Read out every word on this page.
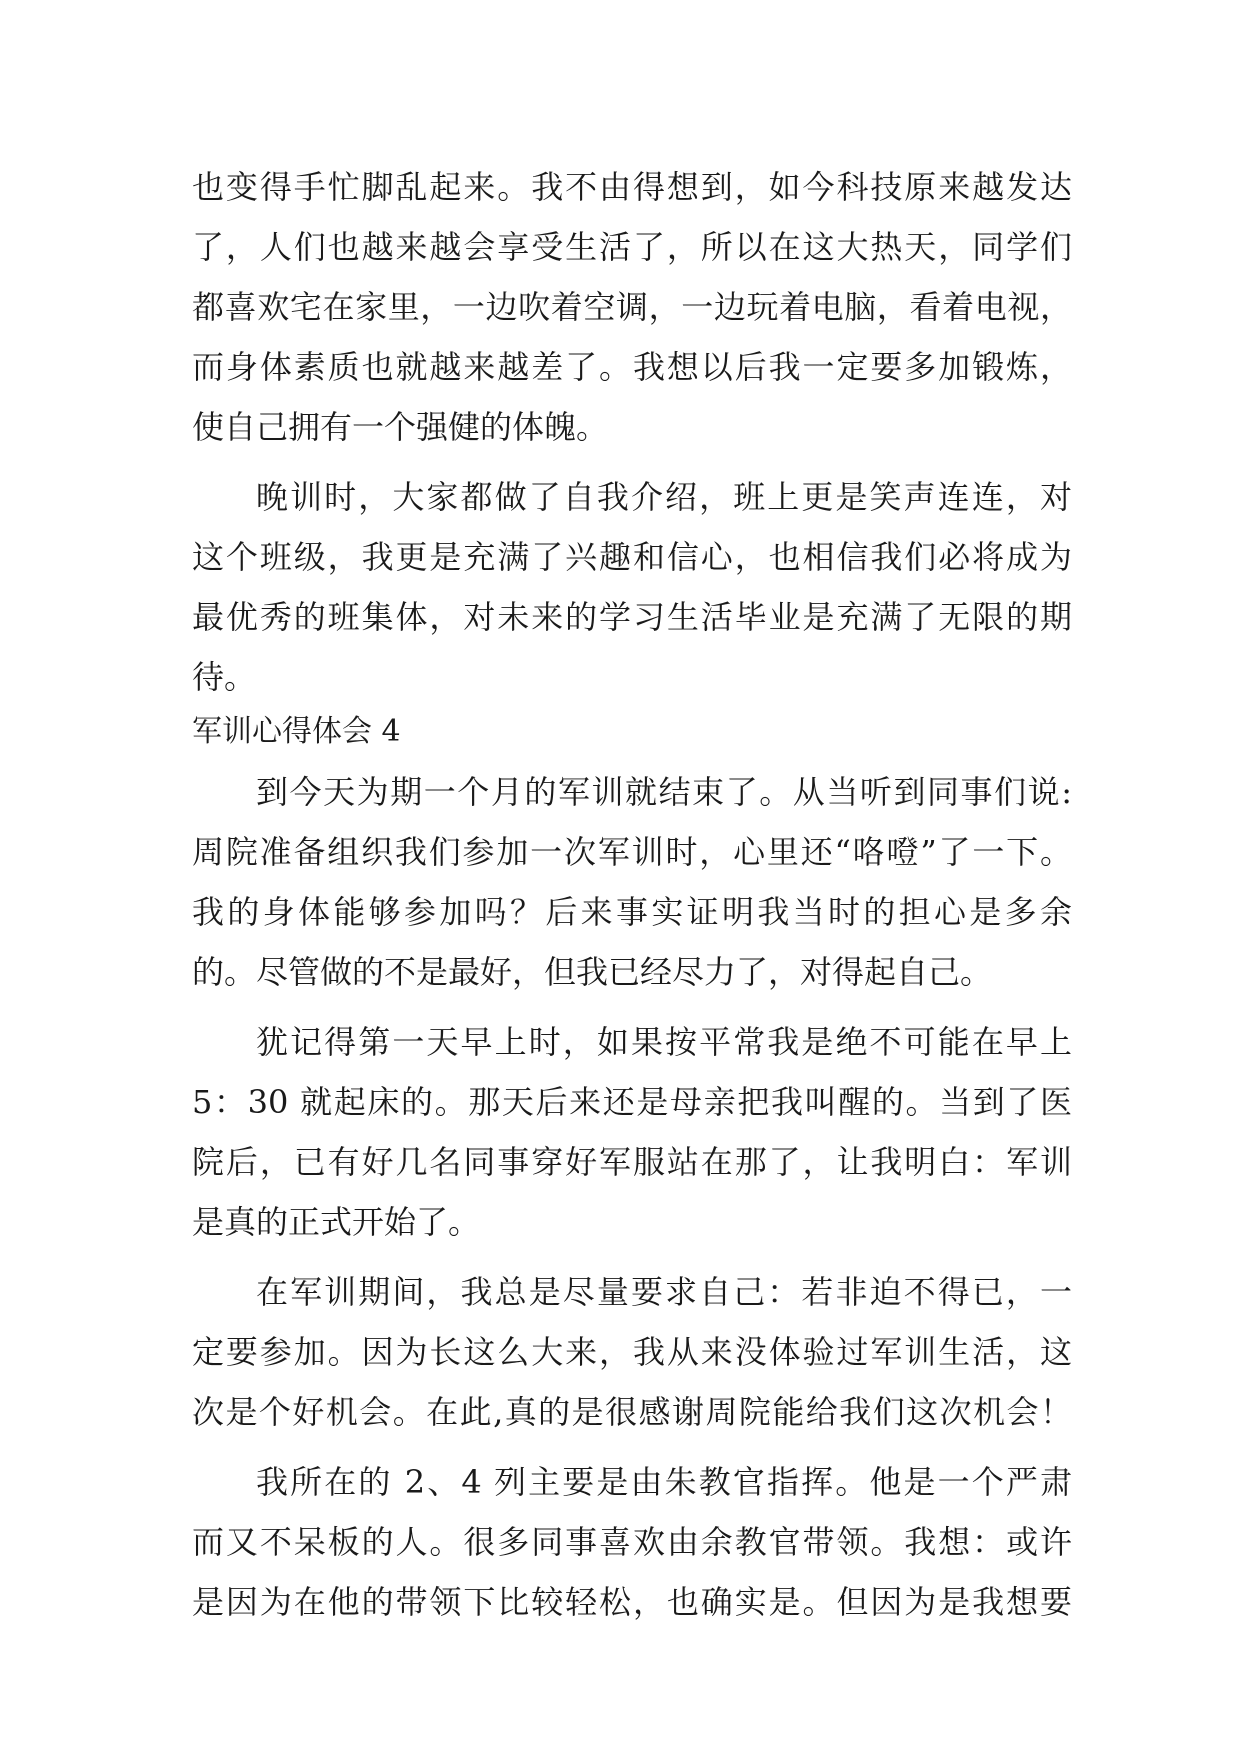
也变得手忙脚乱起来。我不由得想到，如今科技原来越发达
了，人们也越来越会享受生活了，所以在这大热天，同学们
都喜欢宅在家里，一边吹着空调，一边玩着电脑，看着电视，
而身体素质也就越来越差了。我想以后我一定要多加锻炼，
使自己拥有一个强健的体魄。
晚训时，大家都做了自我介绍，班上更是笑声连连，对
这个班级，我更是充满了兴趣和信心，也相信我们必将成为
最优秀的班集体，对未来的学习生活毕业是充满了无限的期
待。
军训心得体会 4
到今天为期一个月的军训就结束了。从当听到同事们说:
周院准备组织我们参加一次军训时，心里还“咯噔”了一下。
我的身体能够参加吗？后来事实证明我当时的担心是多余
的。尽管做的不是最好，但我已经尽力了，对得起自己。
犹记得第一天早上时，如果按平常我是绝不可能在早上
5：30 就起床的。那天后来还是母亲把我叫醒的。当到了医
院后，已有好几名同事穿好军服站在那了，让我明白：军训
是真的正式开始了。
在军训期间，我总是尽量要求自己：若非迫不得已，一
定要参加。因为长这么大来，我从来没体验过军训生活，这
次是个好机会。在此,真的是很感谢周院能给我们这次机会！
我所在的 2、4 列主要是由朱教官指挥。他是一个严肃
而又不呆板的人。很多同事喜欢由余教官带领。我想：或许
是因为在他的带领下比较轻松，也确实是。但因为是我想要
